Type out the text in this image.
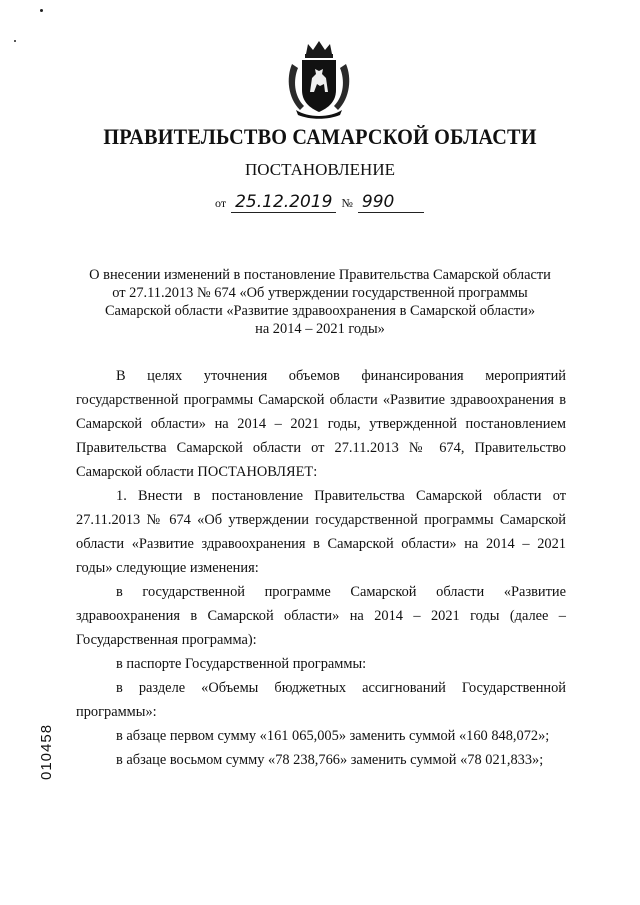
ПРАВИТЕЛЬСТВО САМАРСКОЙ ОБЛАСТИ
ПОСТАНОВЛЕНИЕ
от 25.12.2019 № 990
О внесении изменений в постановление Правительства Самарской области
от 27.11.2013 № 674 «Об утверждении государственной программы
Самарской области «Развитие здравоохранения в Самарской области»
на 2014 – 2021 годы»

В целях уточнения объемов финансирования мероприятий государственной программы Самарской области «Развитие здравоохранения в Самарской области» на 2014 – 2021 годы, утвержденной постановлением Правительства Самарской области от 27.11.2013 № 674, Правительство Самарской области ПОСТАНОВЛЯЕТ:

1. Внести в постановление Правительства Самарской области от 27.11.2013 № 674 «Об утверждении государственной программы Самарской области «Развитие здравоохранения в Самарской области» на 2014 – 2021 годы» следующие изменения:

в государственной программе Самарской области «Развитие здравоохранения в Самарской области» на 2014 – 2021 годы (далее – Государственная программа):

в паспорте Государственной программы:

в разделе «Объемы бюджетных ассигнований Государственной программы»:

в абзаце первом сумму «161 065,005» заменить суммой «160 848,072»;

в абзаце восьмом сумму «78 238,766» заменить суммой «78 021,833»;

010458
